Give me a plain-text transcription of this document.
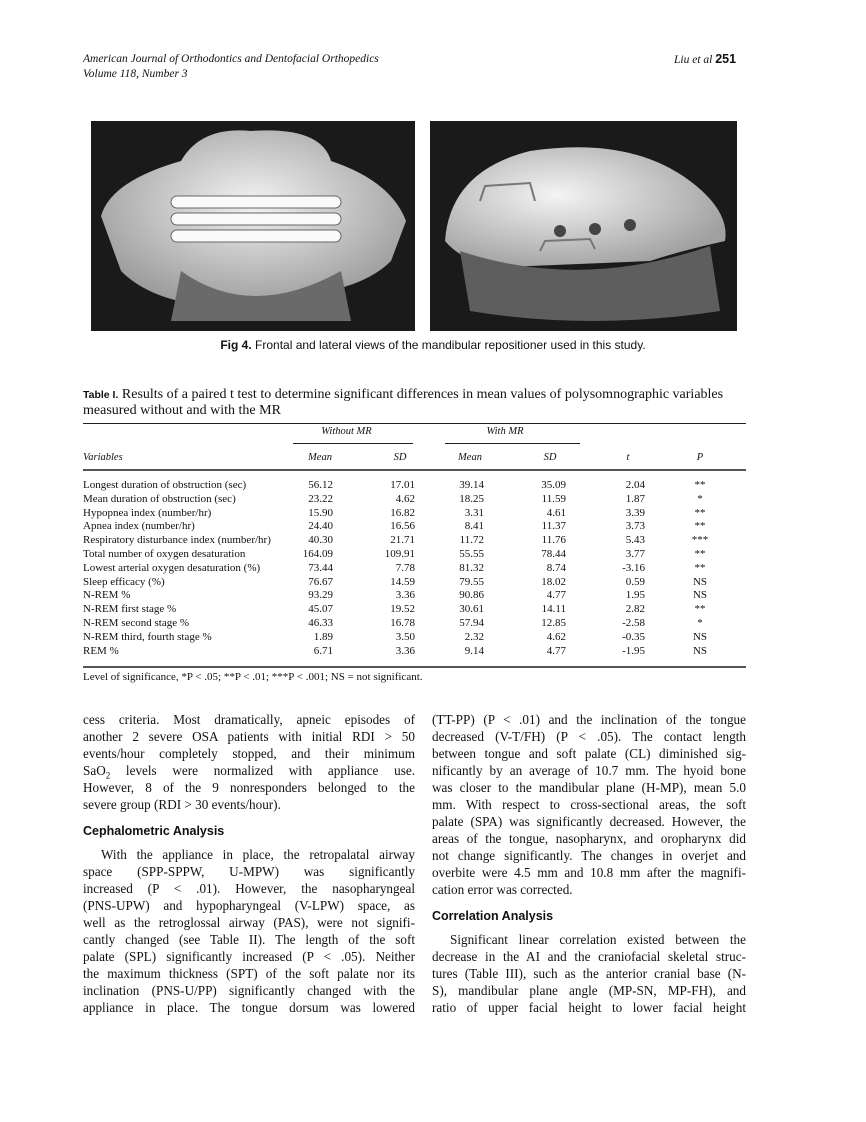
American Journal of Orthodontics and Dentofacial Orthopedics
Volume 118, Number 3
Liu et al 251
Fig 4. Frontal and lateral views of the mandibular repositioner used in this study.
Table I. Results of a paired t test to determine significant differences in mean values of polysomnographic variables measured without and with the MR
Without MR	With MR
Variables	Mean	SD	Mean	SD	t	P
Longest duration of obstruction (sec)	56.12	17.01	39.14	35.09	2.04	**
Mean duration of obstruction (sec)	23.22	4.62	18.25	11.59	1.87	*
Hypopnea index (number/hr)	15.90	16.82	3.31	4.61	3.39	**
Apnea index (number/hr)	24.40	16.56	8.41	11.37	3.73	**
Respiratory disturbance index (number/hr)	40.30	21.71	11.72	11.76	5.43	***
Total number of oxygen desaturation	164.09	109.91	55.55	78.44	3.77	**
Lowest arterial oxygen desaturation (%)	73.44	7.78	81.32	8.74	-3.16	**
Sleep efficacy (%)	76.67	14.59	79.55	18.02	0.59	NS
N-REM %	93.29	3.36	90.86	4.77	1.95	NS
N-REM first stage %	45.07	19.52	30.61	14.11	2.82	**
N-REM second stage %	46.33	16.78	57.94	12.85	-2.58	*
N-REM third, fourth stage %	1.89	3.50	2.32	4.62	-0.35	NS
REM %	6.71	3.36	9.14	4.77	-1.95	NS
Level of significance, *P < .05; **P < .01; ***P < .001; NS = not significant.
cess criteria. Most dramatically, apneic episodes of
another 2 severe OSA patients with initial RDI > 50
events/hour completely stopped, and their minimum
SaO$_2$ levels were normalized with appliance use.
However, 8 of the 9 nonresponders belonged to the
severe group (RDI > 30 events/hour).
Cephalometric Analysis
With the appliance in place, the retropalatal airway
space (SPP-SPPW, U-MPW) was significantly
increased (P < .01). However, the nasopharyngeal
(PNS-UPW) and hypopharyngeal (V-LPW) space, as
well as the retroglossal airway (PAS), were not signifi-
cantly changed (see Table II). The length of the soft
palate (SPL) significantly increased (P < .05). Neither
the maximum thickness (SPT) of the soft palate nor its
inclination (PNS-U/PP) significantly changed with the
appliance in place. The tongue dorsum was lowered
(TT-PP) (P < .01) and the inclination of the tongue
decreased (V-T/FH) (P < .05). The contact length
between tongue and soft palate (CL) diminished sig-
nificantly by an average of 10.7 mm. The hyoid bone
was closer to the mandibular plane (H-MP), mean 5.0
mm. With respect to cross-sectional areas, the soft
palate (SPA) was significantly decreased. However, the
areas of the tongue, nasopharynx, and oropharynx did
not change significantly. The changes in overjet and
overbite were 4.5 mm and 10.8 mm after the magnifi-
cation error was corrected.
Correlation Analysis
Significant linear correlation existed between the
decrease in the AI and the craniofacial skeletal struc-
tures (Table III), such as the anterior cranial base (N-
S), mandibular plane angle (MP-SN, MP-FH), and
ratio of upper facial height to lower facial height
